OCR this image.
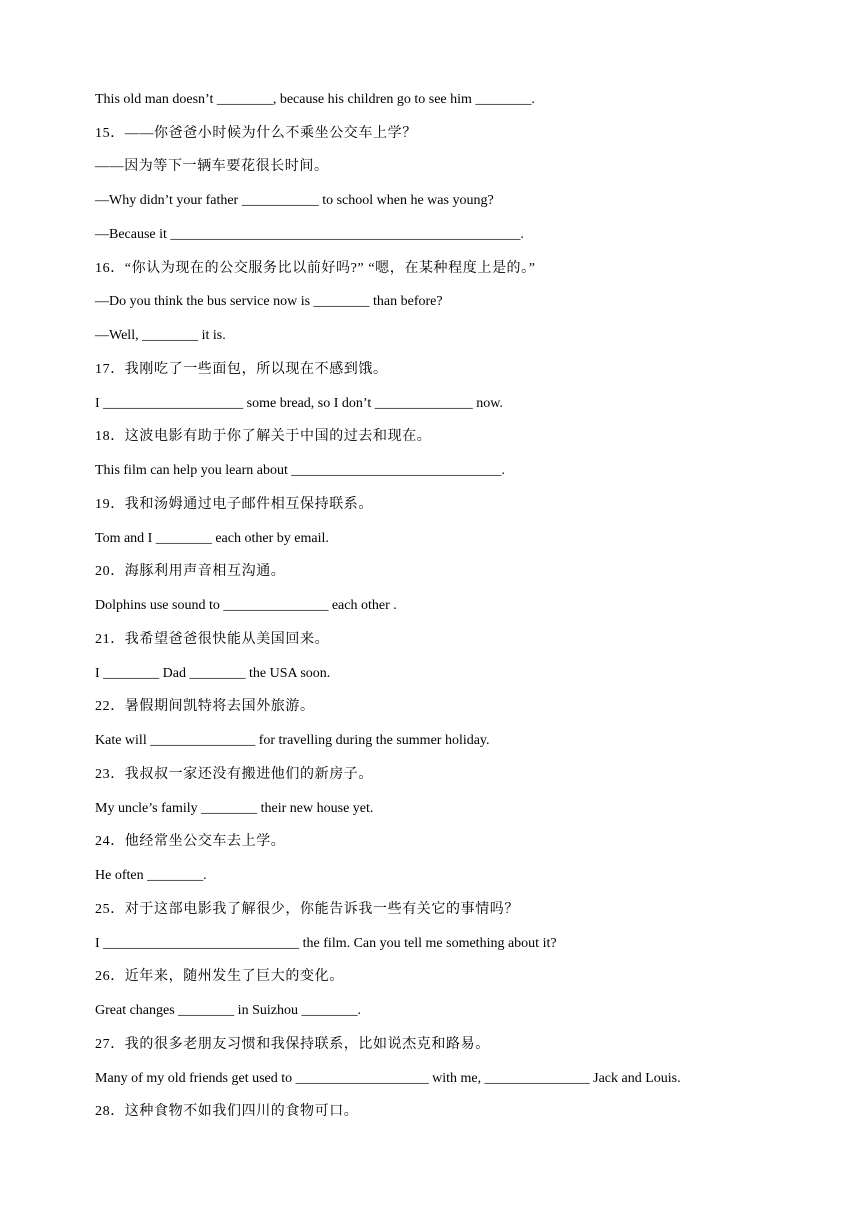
This old man doesn’t ________, because his children go to see him ________.
15．——你爸爸小时候为什么不乘坐公交车上学？
——因为等下一辆车要花很长时间。
—Why didn’t your father ___________ to school when he was young?
—Because it __________________________________________________.
16．“你认为现在的公交服务比以前好吗?” “嗯，在某种程度上是的。”
—Do you think the bus service now is ________ than before?
—Well, ________ it is.
17．我刚吃了一些面包，所以现在不感到饿。
I ____________________ some bread, so I don’t ______________ now.
18．这波电影有助于你了解关于中国的过去和现在。
This film can help you learn about ______________________________.
19．我和汤姆通过电子邮件相互保持联系。
Tom and I ________ each other by email.
20．海豚利用声音相互沟通。
Dolphins use sound to _______________ each other .
21．我希望爸爸很快能从美国回来。
I ________ Dad ________ the USA soon.
22．暑假期间凯特将去国外旅游。
Kate will _______________ for travelling during the summer holiday.
23．我叔叔一家还没有搬进他们的新房子。
My uncle’s family ________ their new house yet.
24．他经常坐公交车去上学。
He often ________.
25．对于这部电影我了解很少，你能告诉我一些有关它的事情吗？
I ____________________________ the film. Can you tell me something about it?
26．近年来，随州发生了巨大的变化。
Great changes ________ in Suizhou ________.
27．我的很多老朋友习惯和我保持联系，比如说杰克和路易。
Many of my old friends get used to ___________________ with me, _______________ Jack and Louis.
28．这种食物不如我们四川的食物可口。
